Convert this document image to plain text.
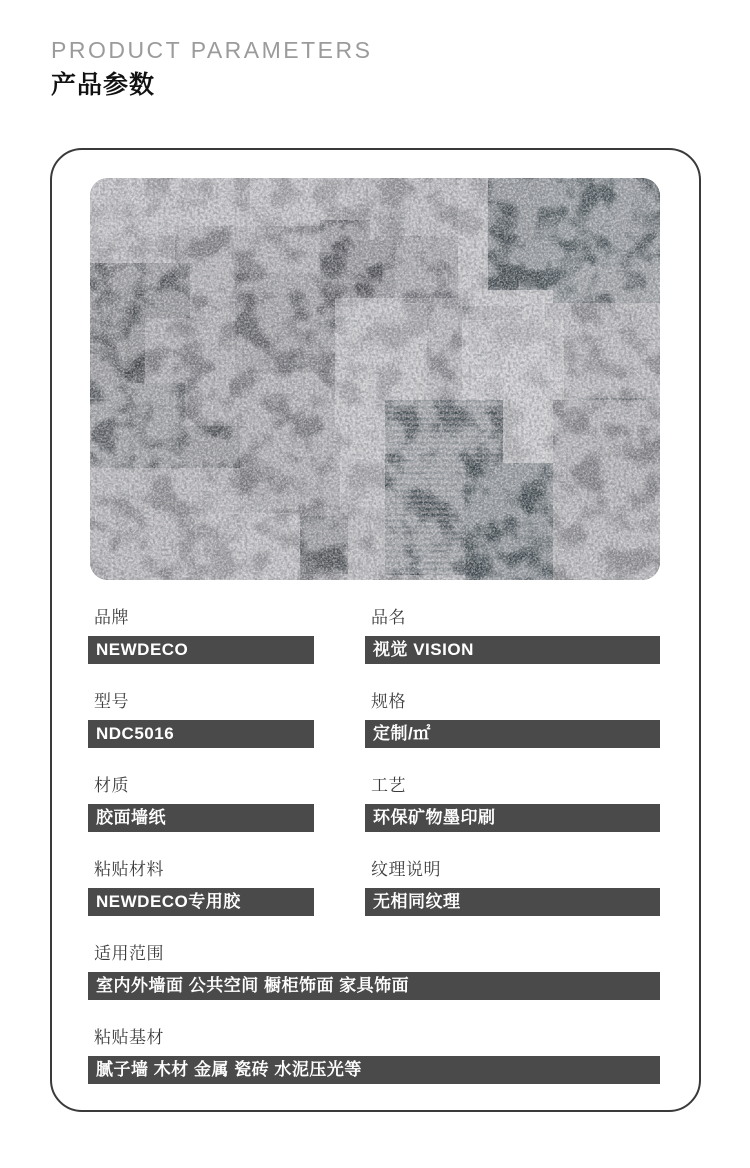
PRODUCT PARAMETERS
产品参数
品牌
NEWDECO
品名
视觉 VISION
型号
NDC5016
规格
定制/㎡
材质
胶面墙纸
工艺
环保矿物墨印刷
粘贴材料
NEWDECO专用胶
纹理说明
无相同纹理
适用范围
室内外墙面 公共空间 橱柜饰面 家具饰面
粘贴基材
腻子墙 木材 金属 瓷砖 水泥压光等
